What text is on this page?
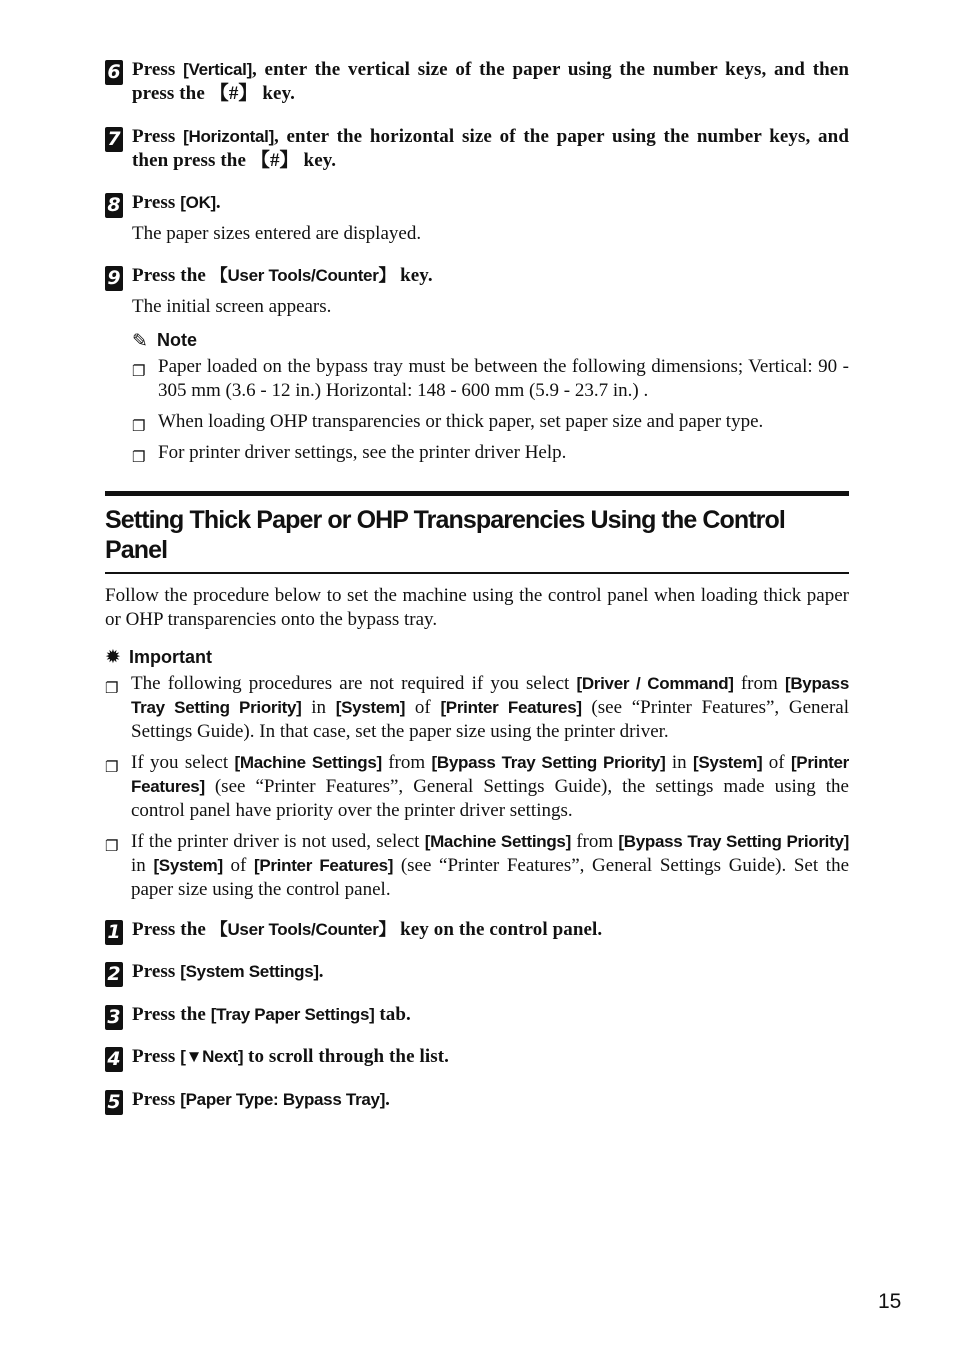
6 Press [Vertical], enter the vertical size of the paper using the number keys, and then press the 【#】 key.
7 Press [Horizontal], enter the horizontal size of the paper using the number keys, and then press the 【#】 key.
8 Press [OK].
The paper sizes entered are displayed.
9 Press the 【User Tools/Counter】 key.
The initial screen appears.
✎ Note
❐ Paper loaded on the bypass tray must be between the following dimensions; Vertical: 90 - 305 mm (3.6 - 12 in.) Horizontal: 148 - 600 mm (5.9 - 23.7 in.) .
❐ When loading OHP transparencies or thick paper, set paper size and paper type.
❐ For printer driver settings, see the printer driver Help.
Setting Thick Paper or OHP Transparencies Using the Control Panel
Follow the procedure below to set the machine using the control panel when loading thick paper or OHP transparencies onto the bypass tray.
✹ Important
❐ The following procedures are not required if you select [Driver / Command] from [Bypass Tray Setting Priority] in [System] of [Printer Features] (see “Printer Features”, General Settings Guide). In that case, set the paper size using the printer driver.
❐ If you select [Machine Settings] from [Bypass Tray Setting Priority] in [System] of [Printer Features] (see “Printer Features”, General Settings Guide), the settings made using the control panel have priority over the printer driver settings.
❐ If the printer driver is not used, select [Machine Settings] from [Bypass Tray Setting Priority] in [System] of [Printer Features] (see “Printer Features”, General Settings Guide). Set the paper size using the control panel.
1 Press the 【User Tools/Counter】 key on the control panel.
2 Press [System Settings].
3 Press the [Tray Paper Settings] tab.
4 Press [▼Next] to scroll through the list.
5 Press [Paper Type: Bypass Tray].
15
